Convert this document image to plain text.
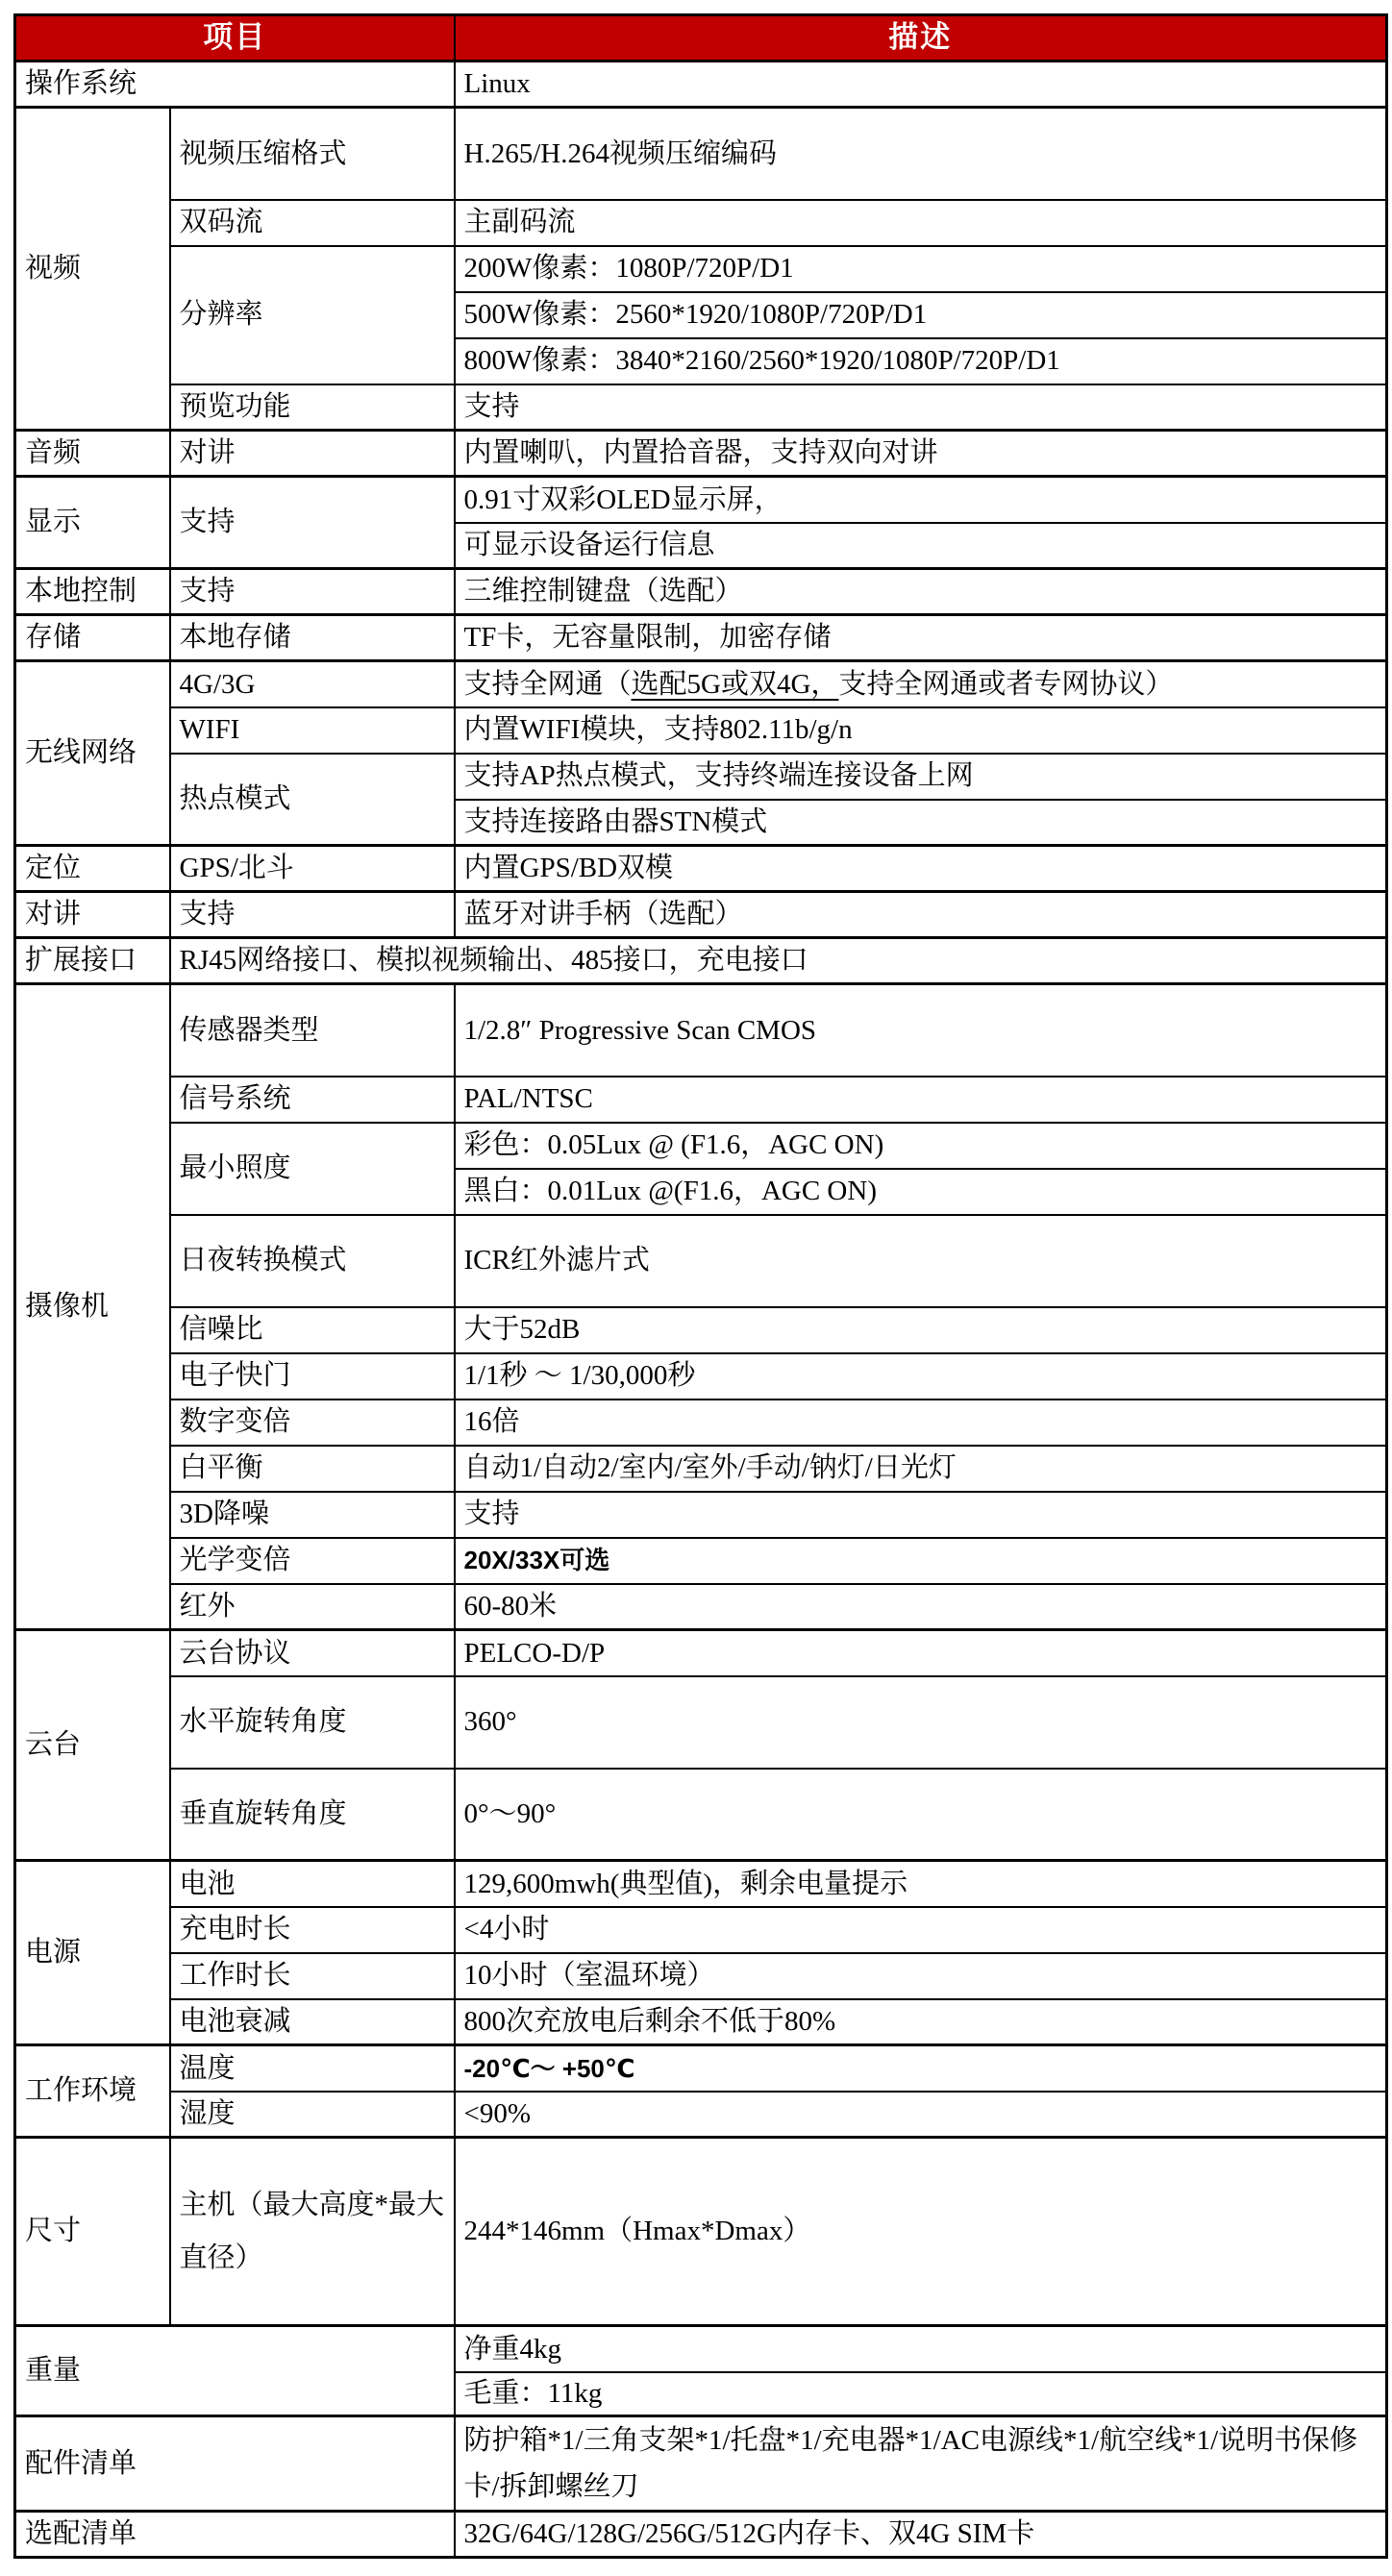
项目		描述
操作系统		Linux
视频	视频压缩格式	H.265/H.264视频压缩编码
	双码流	主副码流
	分辨率	200W像素：1080P/720P/D1
		500W像素：2560*1920/1080P/720P/D1
		800W像素：3840*2160/2560*1920/1080P/720P/D1
	预览功能	支持
音频	对讲	内置喇叭，内置拾音器，支持双向对讲
显示	支持	0.91寸双彩OLED显示屏，
		可显示设备运行信息
本地控制	支持	三维控制键盘（选配）
存储	本地存储	TF卡，无容量限制，加密存储
无线网络	4G/3G	支持全网通（选配5G或双4G，支持全网通或者专网协议）
	WIFI	内置WIFI模块，支持802.11b/g/n
	热点模式	支持AP热点模式，支持终端连接设备上网
		支持连接路由器STN模式
定位	GPS/北斗	内置GPS/BD双模
对讲	支持	蓝牙对讲手柄（选配）
扩展接口	RJ45网络接口、模拟视频输出、485接口，充电接口	
摄像机	传感器类型	1/2.8″ Progressive Scan CMOS
	信号系统	PAL/NTSC
	最小照度	彩色：0.05Lux @ (F1.6，AGC ON)
		黑白：0.01Lux @(F1.6，AGC ON)
	日夜转换模式	ICR红外滤片式
	信噪比	大于52dB
	电子快门	1/1秒 ～ 1/30,000秒
	数字变倍	16倍
	白平衡	自动1/自动2/室内/室外/手动/钠灯/日光灯
	3D降噪	支持
	光学变倍	20X/33X可选
	红外	60-80米
云台	云台协议	PELCO-D/P
	水平旋转角度	360°
	垂直旋转角度	0°～90°
电源	电池	129,600mwh(典型值)，剩余电量提示
	充电时长	<4小时
	工作时长	10小时（室温环境）
	电池衰减	800次充放电后剩余不低于80%
工作环境	温度	-20℃～ +50℃
	湿度	<90%
尺寸	主机（最大高度*最大直径）	244*146mm（Hmax*Dmax）
重量		净重4kg
		毛重：11kg
配件清单		防护箱*1/三角支架*1/托盘*1/充电器*1/AC电源线*1/航空线*1/说明书保修卡/拆卸螺丝刀
选配清单		32G/64G/128G/256G/512G内存卡、双4G SIM卡
